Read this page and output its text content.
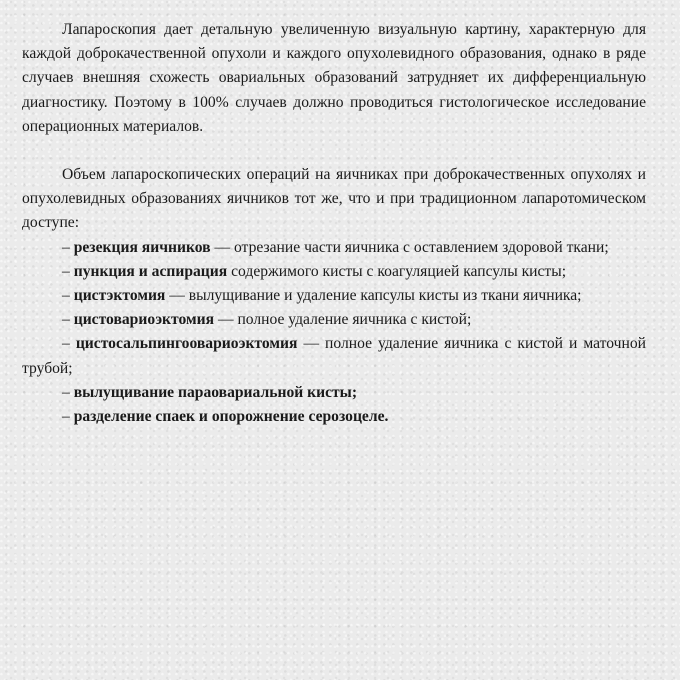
Лапароскопия дает детальную увеличенную визуальную картину, характерную для каждой доброкачественной опухоли и каждого опухолевидного образования, однако в ряде случаев внешняя схожесть овариальных образований затрудняет их дифференциальную диагностику. Поэтому в 100% случаев должно проводиться гистологическое исследование операционных материалов.

Объем лапароскопических операций на яичниках при доброкачественных опухолях и опухолевидных образованиях яичников тот же, что и при традиционном лапаротомическом доступе:

– резекция яичников — отрезание части яичника с оставлением здоровой ткани;
– пункция и аспирация содержимого кисты с коагуляцией капсулы кисты;
– цистэктомия — вылущивание и удаление капсулы кисты из ткани яичника;
– цистовариоэктомия — полное удаление яичника с кистой;
– цистосальпингоовариоэктомия — полное удаление яичника с кистой и маточной трубой;
– вылущивание параовариальной кисты;
– разделение спаек и опорожнение серозоцеле.
